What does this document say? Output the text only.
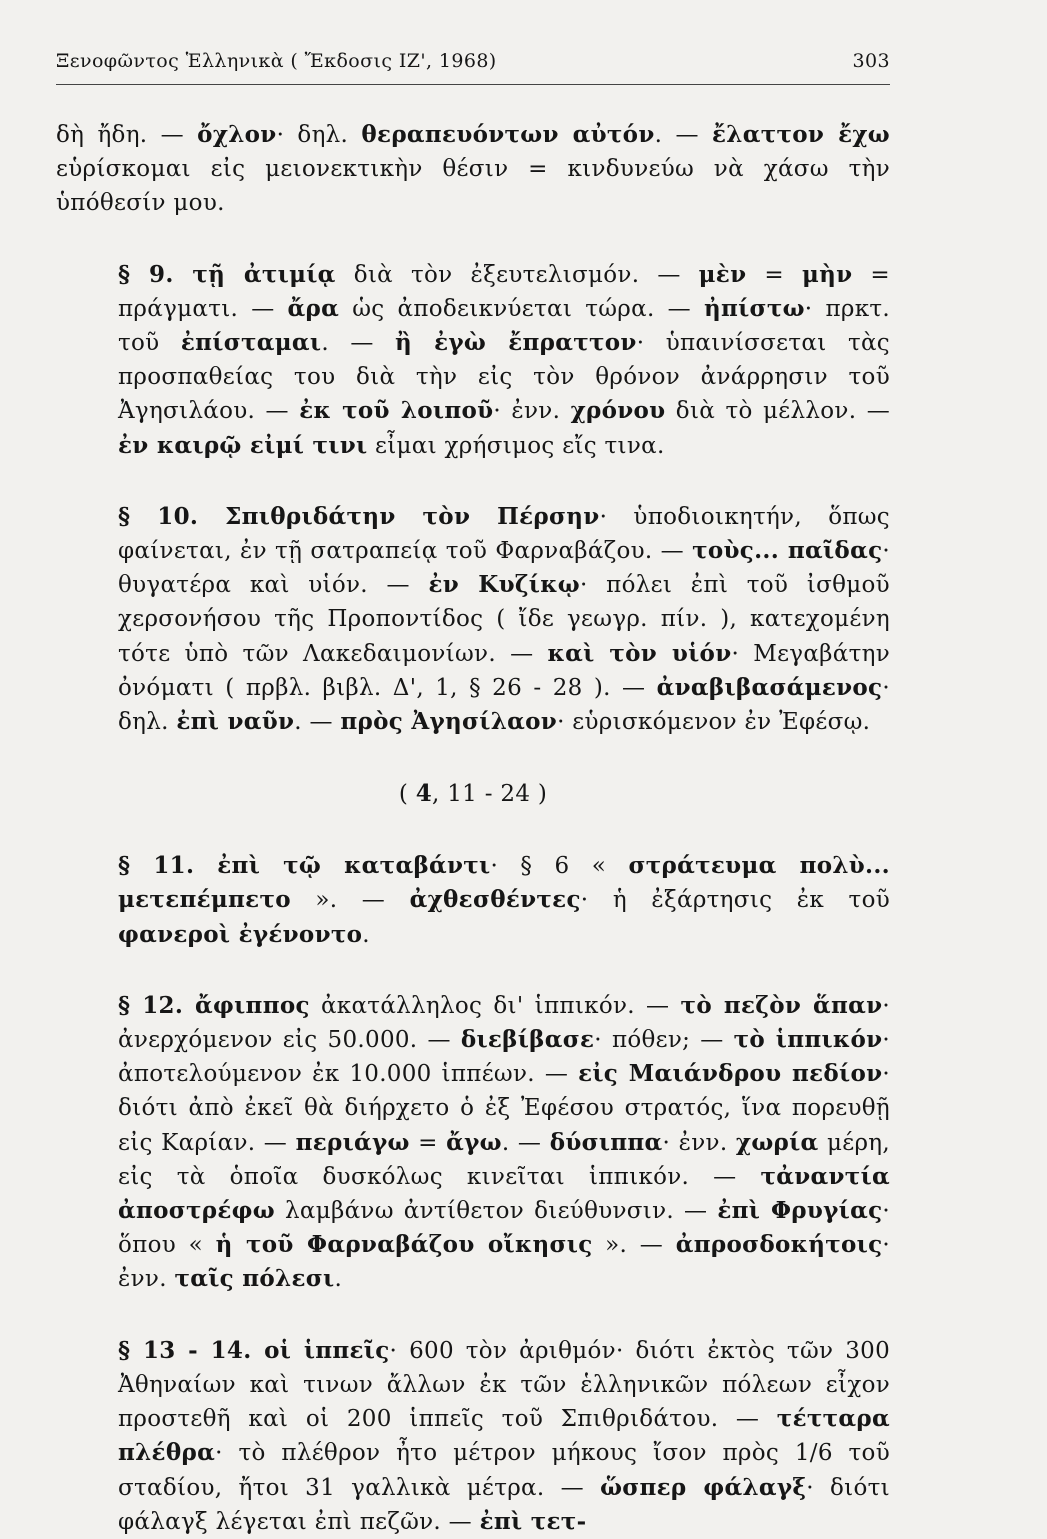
Ξενοφῶντος Ἑλληνικὰ ( Ἔκδοσις ΙΖ', 1968)	303

δὴ ἤδη. — ὄχλον· δηλ. θεραπευόντων αὐτόν. — ἔλαττον ἔχω εὑρίσκομαι εἰς μειονεκτικὴν θέσιν = κινδυνεύω νὰ χάσω τὴν ὑπόθεσίν μου.

§ 9. τῇ ἀτιμίᾳ διὰ τὸν ἐξευτελισμόν. — μὲν = μὴν = πράγματι. — ἄρα ὡς ἀποδεικνύεται τώρα. — ἠπίστω· πρκτ. τοῦ ἐπίσταμαι. — ἢ ἐγὼ ἔπραττον· ὑπαινίσσεται τὰς προσπαθείας του διὰ τὴν εἰς τὸν θρόνον ἀνάρρησιν τοῦ Ἀγησιλάου. — ἐκ τοῦ λοιποῦ· ἐνν. χρόνου διὰ τὸ μέλλον. — ἐν καιρῷ εἰμί τινι εἶμαι χρήσιμος εἴς τινα.

§ 10. Σπιθριδάτην τὸν Πέρσην· ὑποδιοικητήν, ὅπως φαίνεται, ἐν τῇ σατραπείᾳ τοῦ Φαρναβάζου. — τοὺς... παῖδας· θυγατέρα καὶ υἱόν. — ἐν Κυζίκῳ· πόλει ἐπὶ τοῦ ἰσθμοῦ χερσονήσου τῆς Προποντίδος ( ἴδε γεωγρ. πίν. ), κατεχομένη τότε ὑπὸ τῶν Λακεδαιμονίων. — καὶ τὸν υἱόν· Μεγαβάτην ὀνόματι ( πρβλ. βιβλ. Δ', 1, § 26 - 28 ). — ἀναβιβασάμενος· δηλ. ἐπὶ ναῦν. — πρὸς Ἀγησίλαον· εὑρισκόμενον ἐν Ἐφέσῳ.

( 4, 11 - 24 )

§ 11. ἐπὶ τῷ καταβάντι· § 6 « στράτευμα πολὺ... μετεπέμπετο ». — ἀχθεσθέντες· ἡ ἐξάρτησις ἐκ τοῦ φανεροὶ ἐγένοντο.

§ 12. ἄφιππος ἀκατάλληλος δι' ἱππικόν. — τὸ πεζὸν ἅπαν· ἀνερχόμενον εἰς 50.000. — διεβίβασε· πόθεν; — τὸ ἱππικόν· ἀποτελούμενον ἐκ 10.000 ἱππέων. — εἰς Μαιάνδρου πεδίον· διότι ἀπὸ ἐκεῖ θὰ διήρχετο ὁ ἐξ Ἐφέσου στρατός, ἵνα πορευθῇ εἰς Καρίαν. — περιάγω = ἄγω. — δύσιππα· ἐνν. χωρία μέρη, εἰς τὰ ὁποῖα δυσκόλως κινεῖται ἱππικόν. — τἀναντία ἀποστρέφω λαμβάνω ἀντίθετον διεύθυνσιν. — ἐπὶ Φρυγίας· ὅπου « ἡ τοῦ Φαρναβάζου οἴκησις ». — ἀπροσδοκήτοις· ἐνν. ταῖς πόλεσι.

§ 13 - 14. οἱ ἱππεῖς· 600 τὸν ἀριθμόν· διότι ἐκτὸς τῶν 300 Ἀθηναίων καὶ τινων ἄλλων ἐκ τῶν ἑλληνικῶν πόλεων εἶχον προστεθῆ καὶ οἱ 200 ἱππεῖς τοῦ Σπιθριδάτου. — τέτταρα πλέθρα· τὸ πλέθρον ἦτο μέτρον μήκους ἴσον πρὸς 1/6 τοῦ σταδίου, ἤτοι 31 γαλλικὰ μέτρα. — ὥσπερ φάλαγξ· διότι φάλαγξ λέγεται ἐπὶ πεζῶν. — ἐπὶ τετ-
